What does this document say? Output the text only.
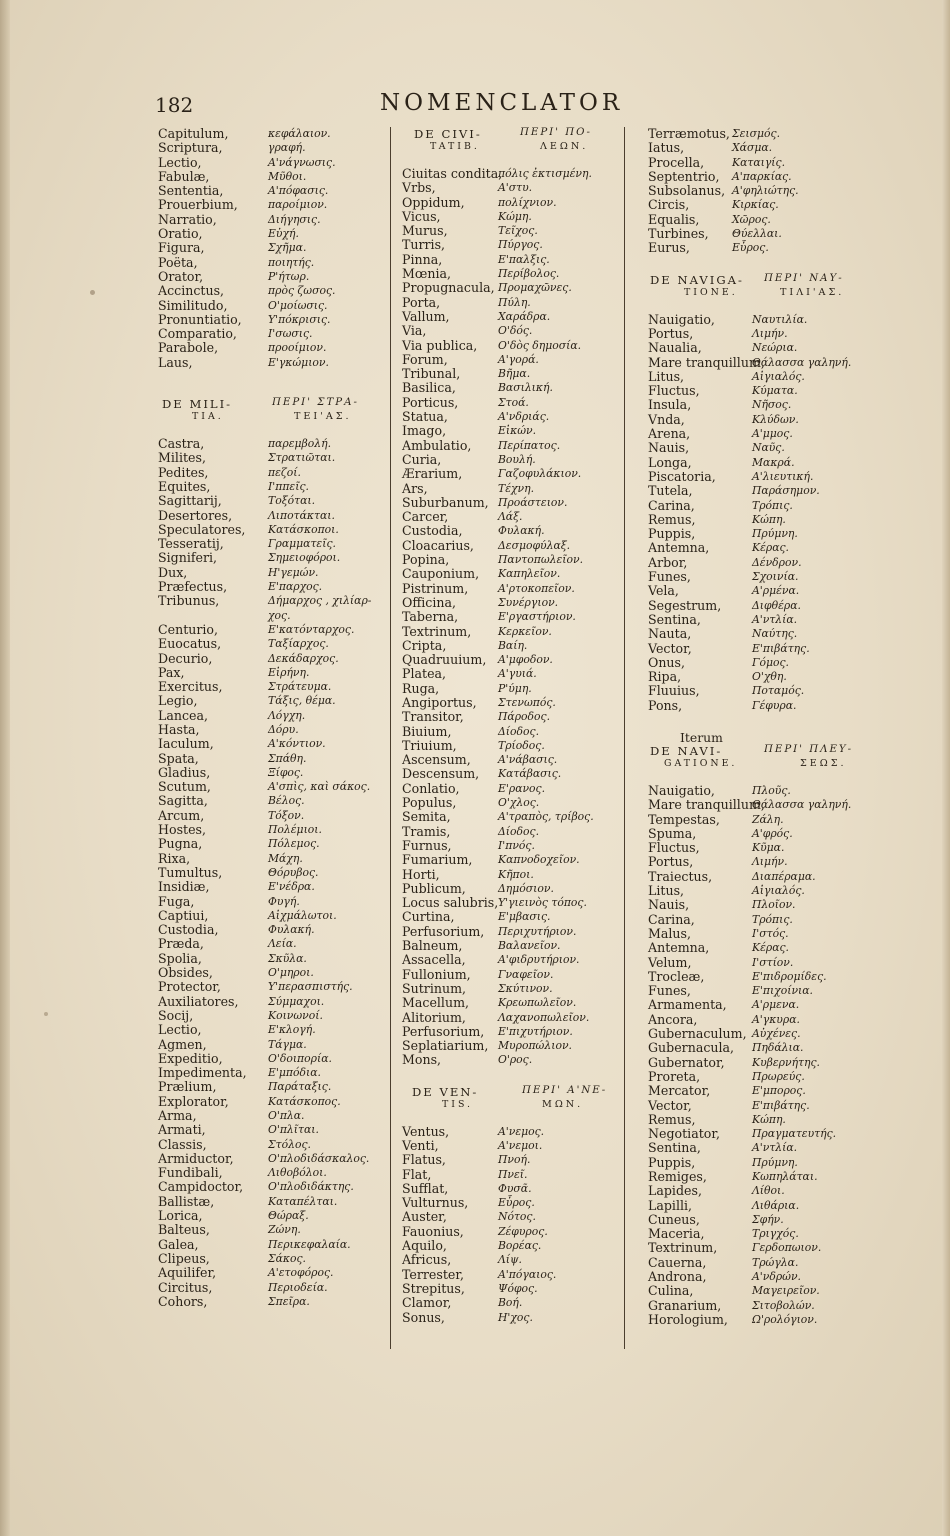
182	NOMENCLATOR
Capitulum,	κεφάλαιον.
Scriptura,	γραφή.
Lectio,	Α'νάγνωσις.
Fabulæ,	Μῦθοι.
Sententia,	Α'πόφασις.
Prouerbium,	παροίμιον.
Narratio,	Διήγησις.
Oratio,	Εὐχή.
Figura,	Σχῆμα.
Poëta,	ποιητής.
Orator,	Ρ'ήτωρ.
Accinctus,	πρὸς ζωσος.
Similitudo,	Ο'μοίωσις.
Pronuntiatio, Υ'πόκρισις.
Comparatio,	Ι'σωσις.
Parabole,	προοίμιον.
Laus,	Ε'γκώμιον.
DE MILI-
TIA.
ΠΕΡΙ' ΣΤΡΑ-
ΤΕΙ'ΑΣ.
Castra,	παρεμβολή.
Milites,	Στρατιῶται.
Pedites,	πεζοί.
Equites,	Ι'ππεῖς.
Sagittarij,	Τοξόται.
Desertores,	Λιποτάκται.
Speculatores, Κατάσκοποι.
Tesseratij,	Γραμματεῖς.
Signiferi,	Σημειοφόροι.
Dux,	Η'γεμών.
Præfectus,	Ε'παρχος.
Tribunus,	Δήμαρχος , χιλίαρ-
χος.
Centurio,	Ε'κατόνταρχος.
Euocatus,	Ταξίαρχος.
Decurio,	Δεκάδαρχος.
Pax,	Εἰρήνη.
Exercitus,	Στράτευμα.
Legio,	Τάξις, θέμα.
Lancea,	Λόγχη.
Hasta,	Δόρυ.
Iaculum,	Α'κόντιον.
Spata,	Σπάθη.
Gladius,	Ξίφος.
Scutum,	Α'σπὶς, καὶ σάκος.
Sagitta,	Βέλος.
Arcum,	Τόξον.
Hostes,	Πολέμιοι.
Pugna,	Πόλεμος.
Rixa,	Μάχη.
Tumultus,	Θόρυβος.
Insidiæ,	Ε'νέδρα.
Fuga,	Φυγή.
Captiui,	Αἰχμάλωτοι.
Custodia,	Φυλακή.
Præda,	Λεία.
Spolia,	Σκῦλα.
Obsides,	Ο'μηροι.
Protector,	Υ'περασπιστής.
Auxiliatores,	Σύμμαχοι.
Socij,	Κοινωνοί.
Lectio,	Ε'κλογή.
Agmen,	Τάγμα.
Expeditio,	Ο'δοιπορία.
Impedimenta, Ε'μπόδια.
Prælium,	Παράταξις.
Explorator,	Κατάσκοπος.
Arma,	Ο'πλα.
Armati,	Ο'πλῖται.
Classis,	Στόλος.
Armiductor,	Ο'πλοδιδάσκαλος.
Fundibali,	Λιθοβόλοι.
Campidoctor, Ο'πλοδιδάκτης.
Ballistæ,	Καταπέλται.
Lorica,	Θώραξ.
Balteus,	Ζώνη.
Galea,	Περικεφαλαία.
Clipeus,	Σάκος.
Aquilifer,	Α'ετοφόρος.
Circitus,	Περιοδεία.
Cohors,	Σπεῖρα.
DE CIVI-
TATIB.
ΠΕΡΙ' ΠΟ-
ΛΕΩΝ.
Ciuitas condita,
πόλις ἐκτισμένη.
Vrbs,	Α'στυ.
Oppidum,	πολίχνιον.
Vicus,	Κώμη.
Murus,	Τεῖχος.
Turris,	Πύργος.
Pinna,	Ε'παλξις.
Mœnia,	Περίβολος.
Propugnacula, Προμαχῶνες.
Porta,	Πύλη.
Vallum,	Χαράδρα.
Via,	Ο'δός.
Via publica, Ο'δὸς δημοσία.
Forum,	Α'γορά.
Tribunal,	Βῆμα.
Basilica,	Βασιλική.
Porticus,	Στοά.
Statua,	Α'νδριάς.
Imago,	Εἰκών.
Ambulatio, Περίπατος.
Curia,	Βουλή.
Ærarium,	Γαζοφυλάκιον.
Ars,	Τέχνη.
Suburbanum, Προάστειον.
Carcer,	Λάξ.
Custodia,	Φυλακή.
Cloacarius, Δεσμοφύλαξ.
Popina,	Παντοπωλεῖον.
Cauponium, Καπηλεῖον.
Pistrinum,	Α'ρτοκοπεῖον.
Officina,	Συνέργιον.
Taberna,	Ε'ργαστήριον.
Textrinum, Κερκεῖον.
Cripta,	Βαίη.
Quadruuium, Α'μφοδον.
Platea,	Α'γυιά.
Ruga,	Ρ'ύμη.
Angiportus, Στενωπός.
Transitor,	Πάροδος.
Biuium,	Δίοδος.
Triuium,	Τρίοδος.
Ascensum,	Α'νάβασις.
Descensum, Κατάβασις.
Conlatio,	Ε'ρανος.
Populus,	Ο'χλος.
Semita,	Α'τραπὸς, τρίβος.
Tramis,	Δίοδος.
Furnus,	Ι'πνός.
Fumarium, Καπνοδοχεῖον.
Horti,	Κῆποι.
Publicum,	Δημόσιον.
Locus salubris, Υ'γιεινὸς τόπος.
Curtina,	Ε'μβασις.
Perfusorium, Περιχυτήριον.
Balneum,	Βαλανεῖον.
Assacella,	Α'φιδρυτήριον.
Fullonium,	Γναφεῖον.
Sutrinum,	Σκύτινον.
Macellum,	Κρεωπωλεῖον.
Alitorium,	Λαχανοπωλεῖον.
Perfusorium, Ε'πιχυτήριον.
Seplatiarium, Μυροπώλιον.
Mons,	Ο'ρος.
DE VEN-
TIS.
ΠΕΡΙ' Α'ΝΕ-
ΜΩΝ.
Ventus,	Α'νεμος.
Venti,	Α'νεμοι.
Flatus,	Πνοή.
Flat,	Πνεῖ.
Sufflat,	Φυσᾶ.
Vulturnus,	Εὖρος.
Auster,	Νότος.
Fauonius,	Ζέφυρος.
Aquilo,	Βορέας.
Africus,	Λίψ.
Terrester,	Α'πόγαιος.
Strepitus,	Ψόφος.
Clamor,	Βοή.
Sonus,	Η'χος.
Terræmotus, Σεισμός.
Iatus,	Χάσμα.
Procella,	Καταιγίς.
Septentrio, Α'παρκίας.
Subsolanus, Α'φηλιώτης.
Circis,	Κιρκίας.
Equalis,	Χῶρος.
Turbines, Θύελλαι.
Eurus,	Εὖρος.
DE NAVIGA-
TIONE.
ΠΕΡΙ' ΝΑΥ-
ΤΙΛΙ'ΑΣ.
Nauigatio,	Ναυτιλία.
Portus,	Λιμήν.
Naualia,	Νεώρια.
Mare tranquillum,
Θάλασσα γαληνή.
Litus,	Αἰγιαλός.
Fluctus,	Κύματα.
Insula,	Νῆσος.
Vnda,	Κλύδων.
Arena,	Α'μμος.
Nauis,	Ναῦς.
Longa,	Μακρά.
Piscatoria,	Α'λιευτική.
Tutela,	Παράσημον.
Carina,	Τρόπις.
Remus,	Κώπη.
Puppis,	Πρύμνη.
Antemna,	Κέρας.
Arbor,	Δένδρον.
Funes,	Σχοινία.
Vela,	Α'ρμένα.
Segestrum,	Διφθέρα.
Sentina,	Α'ντλία.
Nauta,	Ναύτης.
Vector,	Ε'πιβάτης.
Onus,	Γόμος.
Ripa,	Ο'χθη.
Fluuius,	Ποταμός.
Pons,	Γέφυρα.
Iterum
DE NAVI-
GATIONE.
ΠΕΡΙ' ΠΛΕΥ-
ΣΕΩΣ.
Nauigatio,	Πλοῦς.
Mare tranquillum,
Θάλασσα γαληνή.
Tempestas,	Ζάλη.
Spuma,	Α'φρός.
Fluctus,	Κῦμα.
Portus,	Λιμήν.
Traiectus,	Διαπέραμα.
Litus,	Αἰγιαλός.
Nauis,	Πλοῖον.
Carina,	Τρόπις.
Malus,	Ι'στός.
Antemna,	Κέρας.
Velum,	Ι'στίον.
Trocleæ,	Ε'πιδρομίδες.
Funes,	Ε'πιχοίνια.
Armamenta, Α'ρμενα.
Ancora,	Α'γκυρα.
Gubernaculum, Αὐχένες.
Gubernacula, Πηδάλια.
Gubernator,	Κυβερνήτης.
Proreta,	Πρωρεύς.
Mercator,	Ε'μπορος.
Vector,	Ε'πιβάτης.
Remus,	Κώπη.
Negotiator,	Πραγματευτής.
Sentina,	Α'ντλία.
Puppis,	Πρύμνη.
Remiges,	Κωπηλάται.
Lapides,	Λίθοι.
Lapilli,	Λιθάρια.
Cuneus,	Σφήν.
Maceria,	Τριγχός.
Textrinum,	Γερδοπωιον.
Cauerna,	Τρώγλα.
Androna,	Α'νδρών.
Culina,	Μαγειρεῖον.
Granarium,	Σιτοβολών.
Horologium, Ω'ρολόγιον.
